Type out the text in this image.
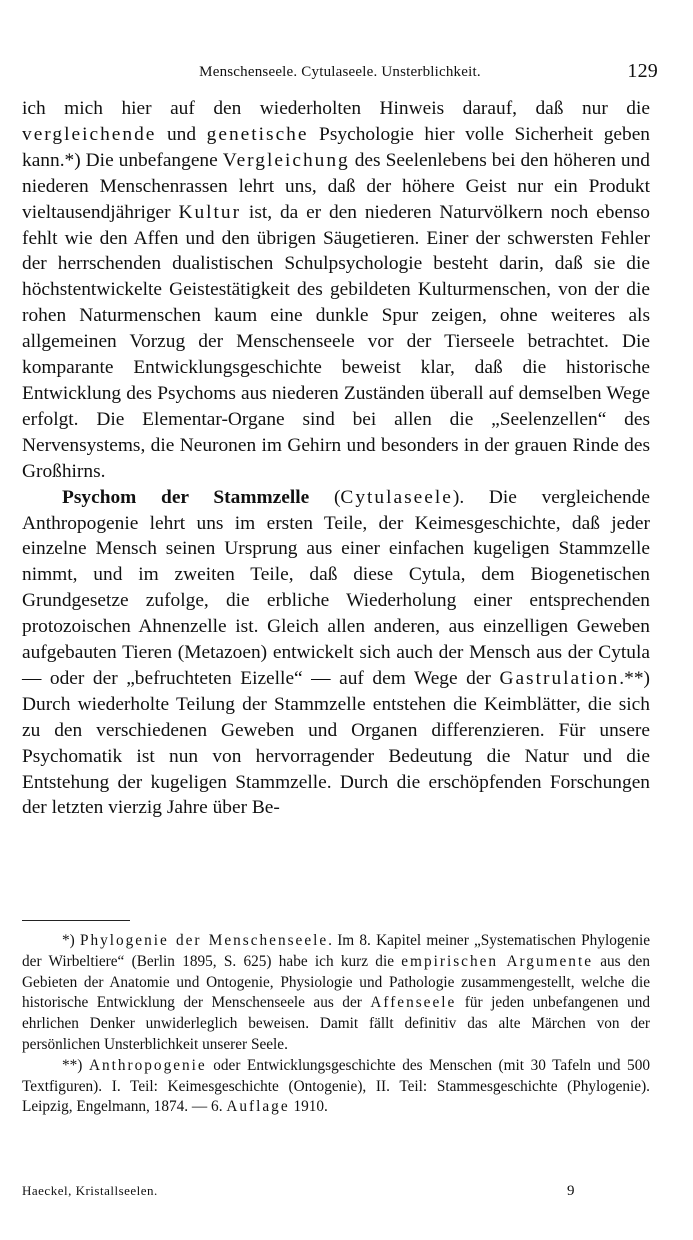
Menschenseele. Cytulaseele. Unsterblichkeit.	129

ich mich hier auf den wiederholten Hinweis darauf, daß nur die vergleichende und genetische Psychologie hier volle Sicherheit geben kann.*) Die unbefangene Vergleichung des Seelenlebens bei den höheren und niederen Menschenrassen lehrt uns, daß der höhere Geist nur ein Produkt vieltausendjähriger Kultur ist, da er den niederen Naturvölkern noch ebenso fehlt wie den Affen und den übrigen Säugetieren. Einer der schwersten Fehler der herrschenden dualistischen Schulpsychologie besteht darin, daß sie die höchstentwickelte Geistestätigkeit des gebildeten Kulturmenschen, von der die rohen Naturmenschen kaum eine dunkle Spur zeigen, ohne weiteres als allgemeinen Vorzug der Menschenseele vor der Tierseele betrachtet. Die komparante Entwicklungsgeschichte beweist klar, daß die historische Entwicklung des Psychoms aus niederen Zuständen überall auf demselben Wege erfolgt. Die Elementar-Organe sind bei allen die „Seelenzellen“ des Nervensystems, die Neuronen im Gehirn und besonders in der grauen Rinde des Großhirns.

Psychom der Stammzelle (Cytulaseele). Die vergleichende Anthropogenie lehrt uns im ersten Teile, der Keimesgeschichte, daß jeder einzelne Mensch seinen Ursprung aus einer einfachen kugeligen Stammzelle nimmt, und im zweiten Teile, daß diese Cytula, dem Biogenetischen Grundgesetze zufolge, die erbliche Wiederholung einer entsprechenden protozoischen Ahnenzelle ist. Gleich allen anderen, aus einzelligen Geweben aufgebauten Tieren (Metazoen) entwickelt sich auch der Mensch aus der Cytula — oder der „befruchteten Eizelle“ — auf dem Wege der Gastrulation.**) Durch wiederholte Teilung der Stammzelle entstehen die Keimblätter, die sich zu den verschiedenen Geweben und Organen differenzieren. Für unsere Psychomatik ist nun von hervorragender Bedeutung die Natur und die Entstehung der kugeligen Stammzelle. Durch die erschöpfenden Forschungen der letzten vierzig Jahre über Be-

*) Phylogenie der Menschenseele. Im 8. Kapitel meiner „Systematischen Phylogenie der Wirbeltiere“ (Berlin 1895, S. 625) habe ich kurz die empirischen Argumente aus den Gebieten der Anatomie und Ontogenie, Physiologie und Pathologie zusammengestellt, welche die historische Entwicklung der Menschenseele aus der Affenseele für jeden unbefangenen und ehrlichen Denker unwiderleglich beweisen. Damit fällt definitiv das alte Märchen von der persönlichen Unsterblichkeit unserer Seele.

**) Anthropogenie oder Entwicklungsgeschichte des Menschen (mit 30 Tafeln und 500 Textfiguren). I. Teil: Keimesgeschichte (Ontogenie), II. Teil: Stammesgeschichte (Phylogenie). Leipzig, Engelmann, 1874. — 6. Auflage 1910.

Haeckel, Kristallseelen.	9
